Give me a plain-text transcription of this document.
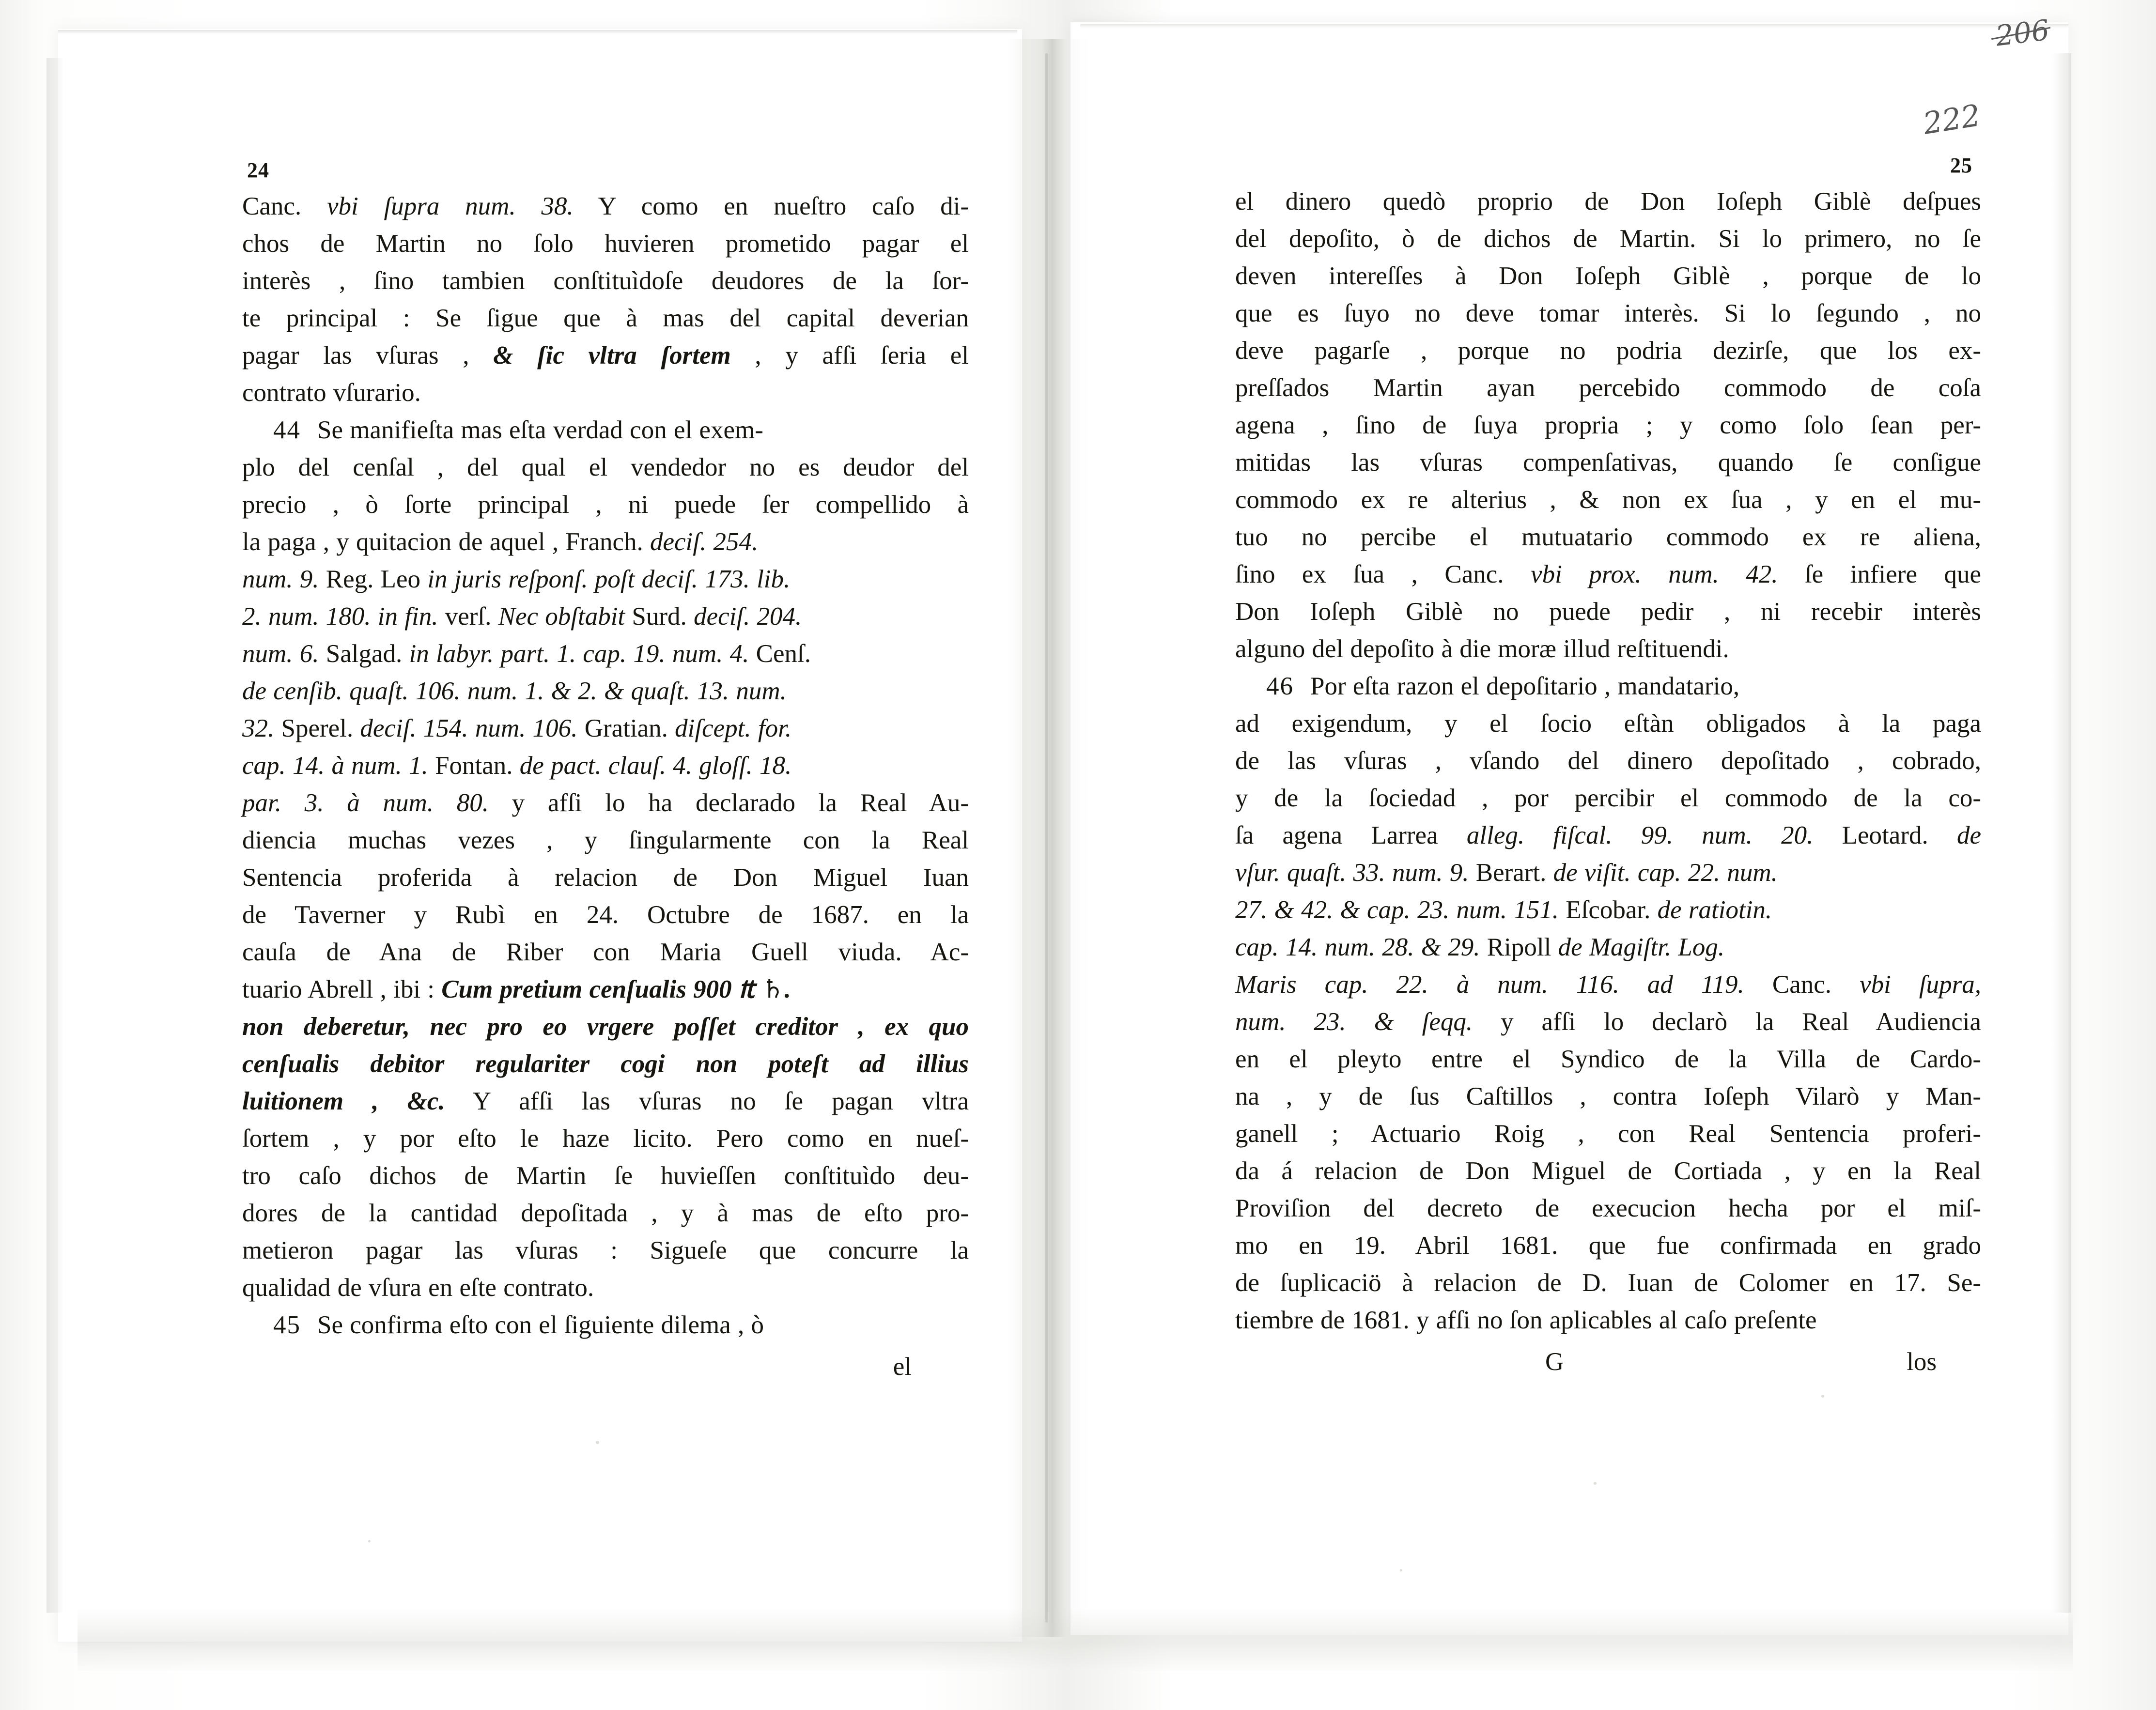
24
Canc. vbi ſupra num. 38. Y como en nueſtro caſo di-
chos de Martin no ſolo huvieren prometido pagar el
interès , ſino tambien conſtituìdoſe deudores de la ſor-
te principal : Se ſigue que à mas del capital deverian
pagar las vſuras , & ſic vltra ſortem , y afſi ſeria el
contrato vſurario.
44 Se manifieſta mas eſta verdad con el exem-
plo del cenſal , del qual el vendedor no es deudor del
precio , ò ſorte principal , ni puede ſer compellido à
la paga , y quitacion de aquel , Franch. deciſ. 254.
num. 9. Reg. Leo in juris reſponſ. poſt deciſ. 173. lib.
2. num. 180. in fin. verſ. Nec obſtabit Surd. deciſ. 204.
num. 6. Salgad. in labyr. part. 1. cap. 19. num. 4. Cenſ.
de cenſib. quaſt. 106. num. 1. & 2. & quaſt. 13. num.
32. Sperel. deciſ. 154. num. 106. Gratian. diſcept. for.
cap. 14. à num. 1. Fontan. de pact. clauſ. 4. gloſſ. 18.
par. 3. à num. 80. y afſi lo ha declarado la Real Au-
diencia muchas vezes , y ſingularmente con la Real
Sentencia proferida à relacion de Don Miguel Iuan
de Taverner y Rubì en 24. Octubre de 1687. en la
cauſa de Ana de Riber con Maria Guell viuda. Ac-
tuario Abrell , ibi : Cum pretium cenſualis 900 ₶ ♄.
non deberetur, nec pro eo vrgere poſſet creditor , ex quo
cenſualis debitor regulariter cogi non poteſt ad illius
luitionem , &c. Y afſi las vſuras no ſe pagan vltra
ſortem , y por eſto le haze licito. Pero como en nueſ-
tro caſo dichos de Martin ſe huvieſſen conſtituìdo deu-
dores de la cantidad depoſitada , y à mas de eſto pro-
metieron pagar las vſuras : Sigueſe que concurre la
qualidad de vſura en eſte contrato.
45 Se confirma eſto con el ſiguiente dilema , ò
el
25
el dinero quedò proprio de Don Ioſeph Giblè deſpues
del depoſito, ò de dichos de Martin. Si lo primero, no ſe
deven intereſſes à Don Ioſeph Giblè , porque de lo
que es ſuyo no deve tomar interès. Si lo ſegundo , no
deve pagarſe , porque no podria dezirſe, que los ex-
preſſados Martin ayan percebido commodo de coſa
agena , ſino de ſuya propria ; y como ſolo ſean per-
mitidas las vſuras compenſativas, quando ſe conſigue
commodo ex re alterius , & non ex ſua , y en el mu-
tuo no percibe el mutuatario commodo ex re aliena,
ſino ex ſua , Canc. vbi prox. num. 42. ſe infiere que
Don Ioſeph Giblè no puede pedir , ni recebir interès
alguno del depoſito à die moræ illud reſtituendi.
46 Por eſta razon el depoſitario , mandatario,
ad exigendum, y el ſocio eſtàn obligados à la paga
de las vſuras , vſando del dinero depoſitado , cobrado,
y de la ſociedad , por percibir el commodo de la co-
ſa agena Larrea alleg. fiſcal. 99. num. 20. Leotard. de
vſur. quaſt. 33. num. 9. Berart. de viſit. cap. 22. num.
27. & 42. & cap. 23. num. 151. Eſcobar. de ratiotin.
cap. 14. num. 28. & 29. Ripoll de Magiſtr. Log.
Maris cap. 22. à num. 116. ad 119. Canc. vbi ſupra,
num. 23. & ſeqq. y afſi lo declarò la Real Audiencia
en el pleyto entre el Syndico de la Villa de Cardo-
na , y de ſus Caſtillos , contra Ioſeph Vilarò y Man-
ganell ; Actuario Roig , con Real Sentencia proferi-
da á relacion de Don Miguel de Cortiada , y en la Real
Proviſion del decreto de execucion hecha por el miſ-
mo en 19. Abril 1681. que fue confirmada en grado
de ſuplicaciö à relacion de D. Iuan de Colomer en 17. Se-
tiembre de 1681. y afſi no ſon aplicables al caſo preſente
G	los
222
